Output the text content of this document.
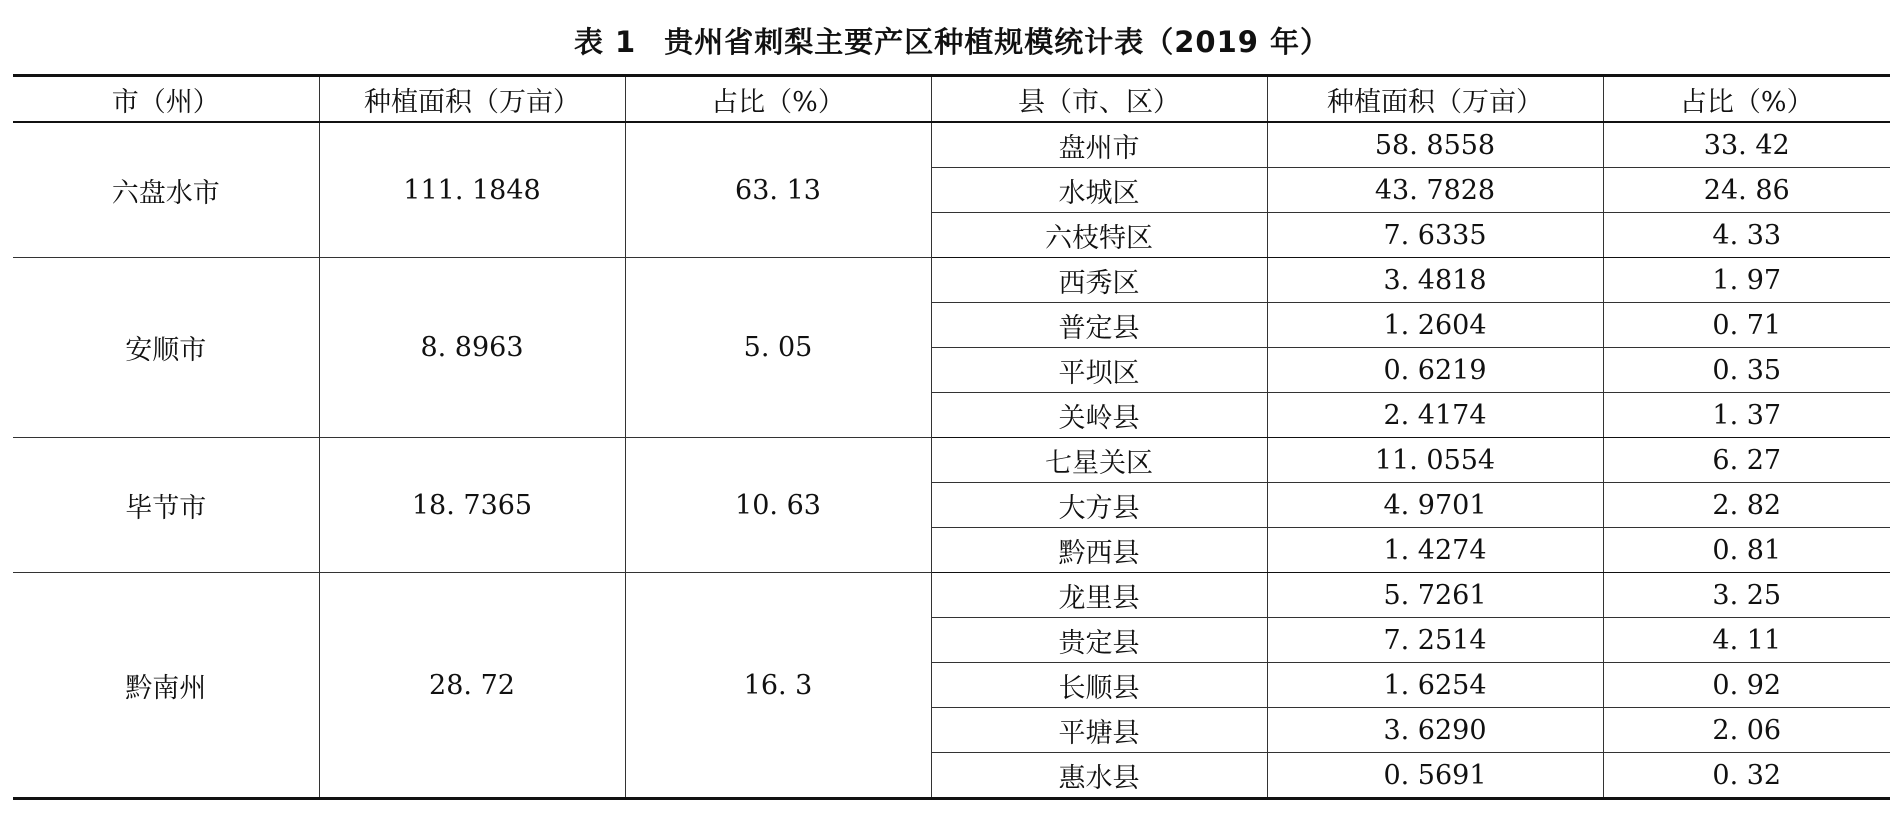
表 1 贵州省刺梨主要产区种植规模统计表（2019 年）
市（州）	种植面积（万亩）	占比（%）	县（市、区）	种植面积（万亩）	占比（%）
六盘水市	111. 1848	63. 13	盘州市	58. 8558	33. 42
			水城区	43. 7828	24. 86
			六枝特区	7. 6335	4. 33
安顺市	8. 8963	5. 05	西秀区	3. 4818	1. 97
			普定县	1. 2604	0. 71
			平坝区	0. 6219	0. 35
			关岭县	2. 4174	1. 37
毕节市	18. 7365	10. 63	七星关区	11. 0554	6. 27
			大方县	4. 9701	2. 82
			黔西县	1. 4274	0. 81
黔南州	28. 72	16. 3	龙里县	5. 7261	3. 25
			贵定县	7. 2514	4. 11
			长顺县	1. 6254	0. 92
			平塘县	3. 6290	2. 06
			惠水县	0. 5691	0. 32
